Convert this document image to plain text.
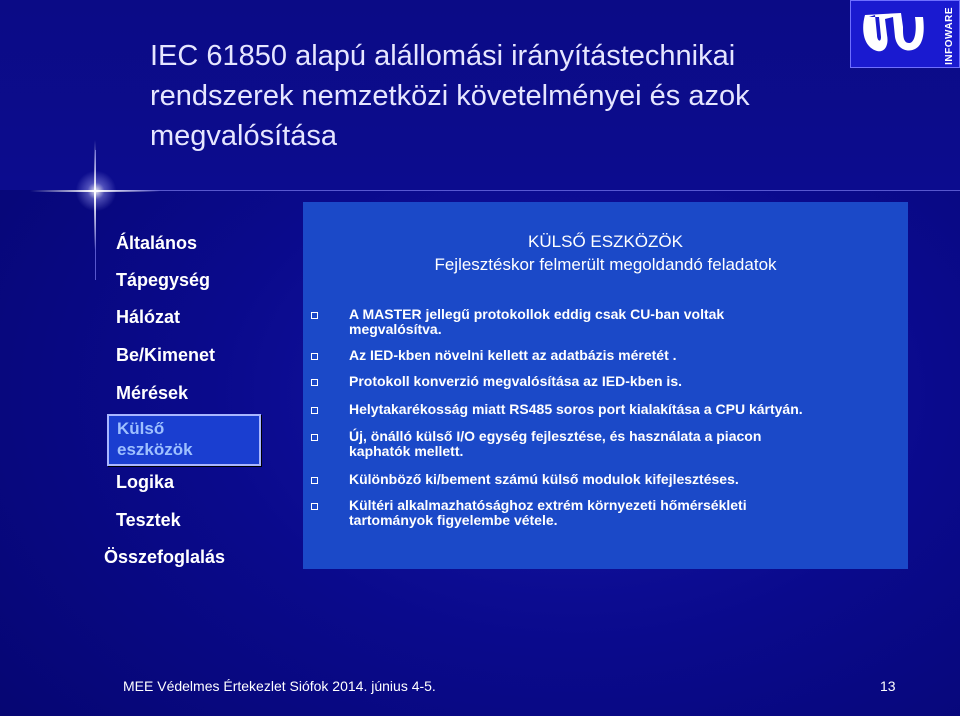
IEC 61850 alapú alállomási irányítástechnikai
rendszerek nemzetközi követelményei és azok
megvalósítása
INFOWARE
Általános
Tápegység
Hálózat
Be/Kimenet
Mérések
Külső
eszközök
Logika
Tesztek
Összefoglalás
KÜLSŐ ESZKÖZÖK
Fejlesztéskor felmerült megoldandó feladatok
A MASTER jellegű protokollok eddig csak CU-ban voltak
megvalósítva.
Az IED-kben növelni kellett az adatbázis méretét .
Protokoll konverzió megvalósítása az IED-kben is.
Helytakarékosság miatt RS485 soros port kialakítása a CPU kártyán.
Új, önálló külső I/O egység fejlesztése, és használata a piacon
kaphatók mellett.
Különböző ki/bement számú külső modulok kifejlesztéses.
Kültéri alkalmazhatósághoz extrém környezeti hőmérsékleti
tartományok figyelembe vétele.
MEE Védelmes Értekezlet Siófok 2014. június 4-5.	13
